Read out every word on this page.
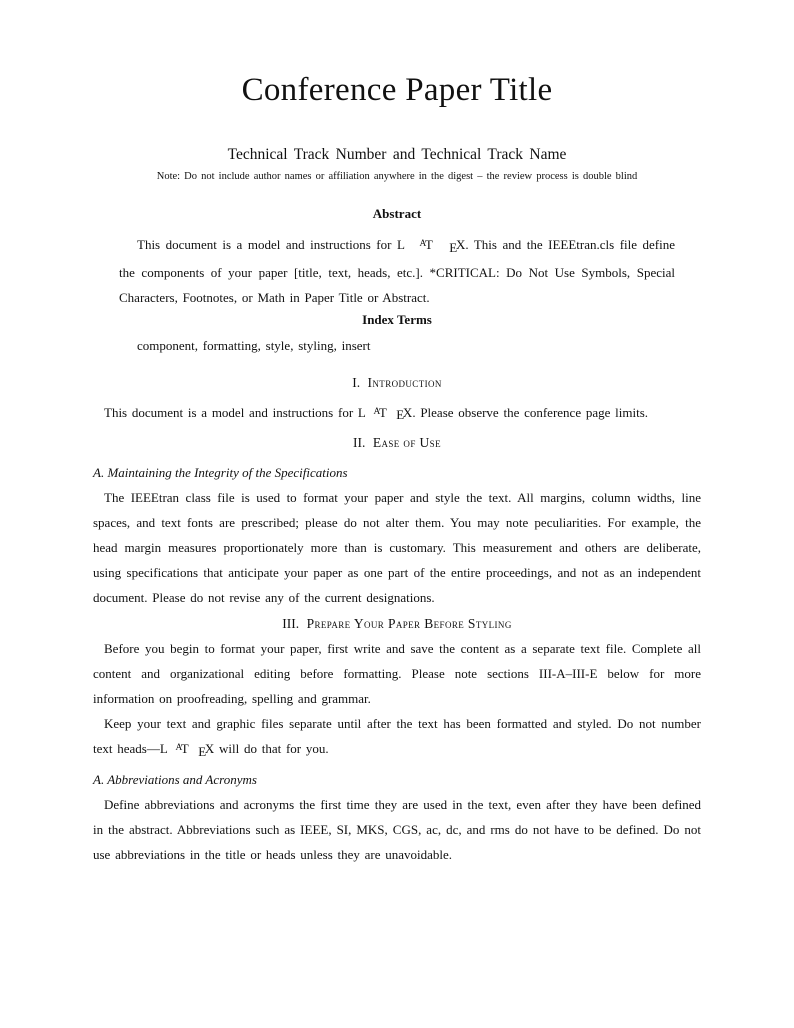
Conference Paper Title
Technical Track Number and Technical Track Name
Note: Do not include author names or affiliation anywhere in the digest – the review process is double blind
Abstract

This document is a model and instructions for L AT EX. This and the IEEEtran.cls file define the components of your paper [title, text, heads, etc.]. *CRITICAL: Do Not Use Symbols, Special Characters, Footnotes, or Math in Paper Title or Abstract.

Index Terms

component, formatting, style, styling, insert

I. Introduction

This document is a model and instructions for L AT EX. Please observe the conference page limits.

II. Ease of Use
A. Maintaining the Integrity of the Specifications

The IEEEtran class file is used to format your paper and style the text. All margins, column widths, line spaces, and text fonts are prescribed; please do not alter them. You may note peculiarities. For example, the head margin measures proportionately more than is customary. This measurement and others are deliberate, using specifications that anticipate your paper as one part of the entire proceedings, and not as an independent document. Please do not revise any of the current designations.

III. Prepare Your Paper Before Styling

Before you begin to format your paper, first write and save the content as a separate text file. Complete all content and organizational editing before formatting. Please note sections III-A–III-E below for more information on proofreading, spelling and grammar.

Keep your text and graphic files separate until after the text has been formatted and styled. Do not number text heads—L AT EX will do that for you.

A. Abbreviations and Acronyms

Define abbreviations and acronyms the first time they are used in the text, even after they have been defined in the abstract. Abbreviations such as IEEE, SI, MKS, CGS, ac, dc, and rms do not have to be defined. Do not use abbreviations in the title or heads unless they are unavoidable.
